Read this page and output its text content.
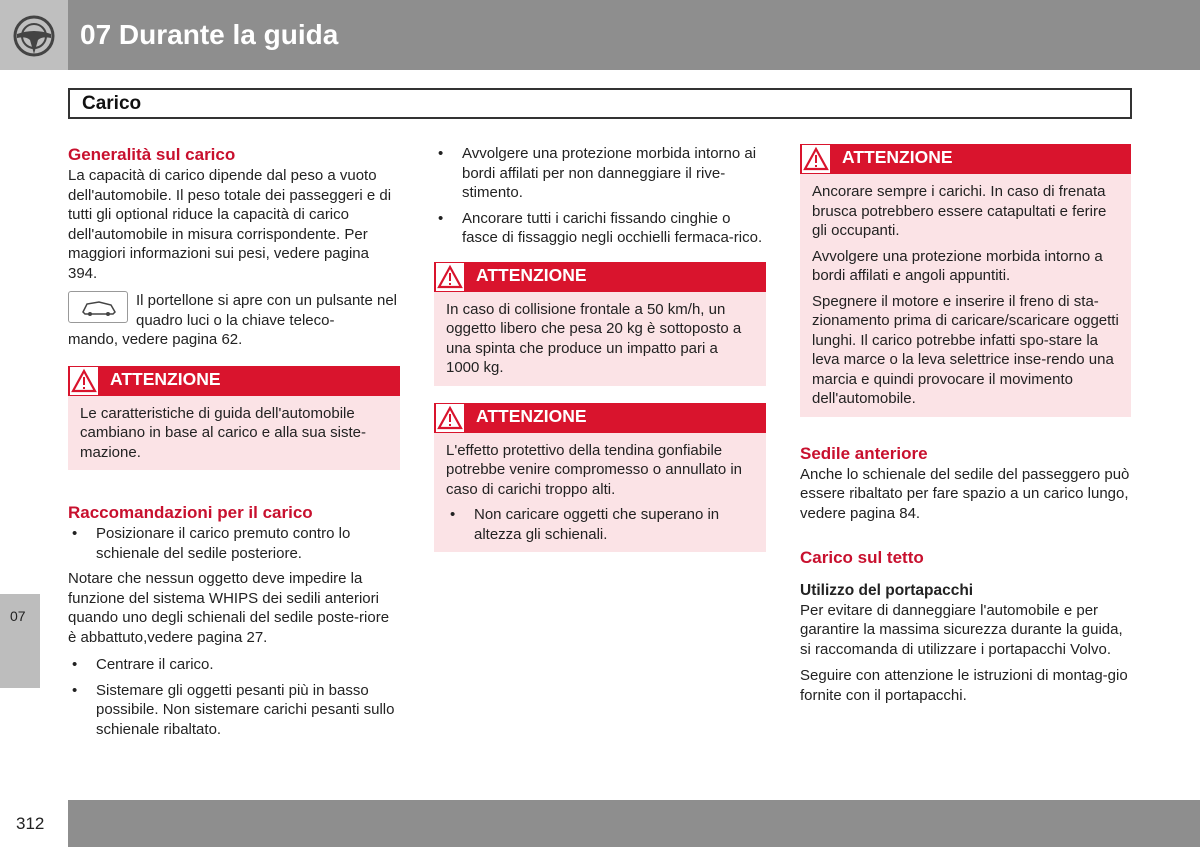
07 Durante la guida
Carico
Generalità sul carico

La capacità di carico dipende dal peso a vuoto dell'automobile. Il peso totale dei passeggeri e di tutti gli optional riduce la capacità di carico dell'automobile in misura corrispondente. Per maggiori informazioni sui pesi, vedere pagina 394.

Il portellone si apre con un pulsante nel quadro luci o la chiave teleco-

mando, vedere pagina 62.

ATTENZIONE
Le caratteristiche di guida dell'automobile cambiano in base al carico e alla sua siste-mazione.
Raccomandazioni per il carico

• Posizionare il carico premuto contro lo schienale del sedile posteriore.

Notare che nessun oggetto deve impedire la funzione del sistema WHIPS dei sedili anteriori quando uno degli schienali del sedile poste-riore è abbattuto,vedere pagina 27.

• Centrare il carico.

• Sistemare gli oggetti pesanti più in basso possibile. Non sistemare carichi pesanti sullo schienale ribaltato.

• Avvolgere una protezione morbida intorno ai bordi affilati per non danneggiare il rive-stimento.

• Ancorare tutti i carichi fissando cinghie o fasce di fissaggio negli occhielli fermaca-rico.

ATTENZIONE
In caso di collisione frontale a 50 km/h, un oggetto libero che pesa 20 kg è sottoposto a una spinta che produce un impatto pari a 1000 kg.
ATTENZIONE

L'effetto protettivo della tendina gonfiabile potrebbe venire compromesso o annullato in caso di carichi troppo alti.

• Non caricare oggetti che superano in altezza gli schienali.

ATTENZIONE

Ancorare sempre i carichi. In caso di frenata brusca potrebbero essere catapultati e ferire gli occupanti.

Avvolgere una protezione morbida intorno a bordi affilati e angoli appuntiti.

Spegnere il motore e inserire il freno di sta-zionamento prima di caricare/scaricare oggetti lunghi. Il carico potrebbe infatti spo-stare la leva marce o la leva selettrice inse-rendo una marcia e quindi provocare il movimento dell'automobile.

Sedile anteriore

Anche lo schienale del sedile del passeggero può essere ribaltato per fare spazio a un carico lungo, vedere pagina 84.

Carico sul tetto
Utilizzo del portapacchi

Per evitare di danneggiare l'automobile e per garantire la massima sicurezza durante la guida, si raccomanda di utilizzare i portapacchi Volvo.

Seguire con attenzione le istruzioni di montag-gio fornite con il portapacchi.

07
312
